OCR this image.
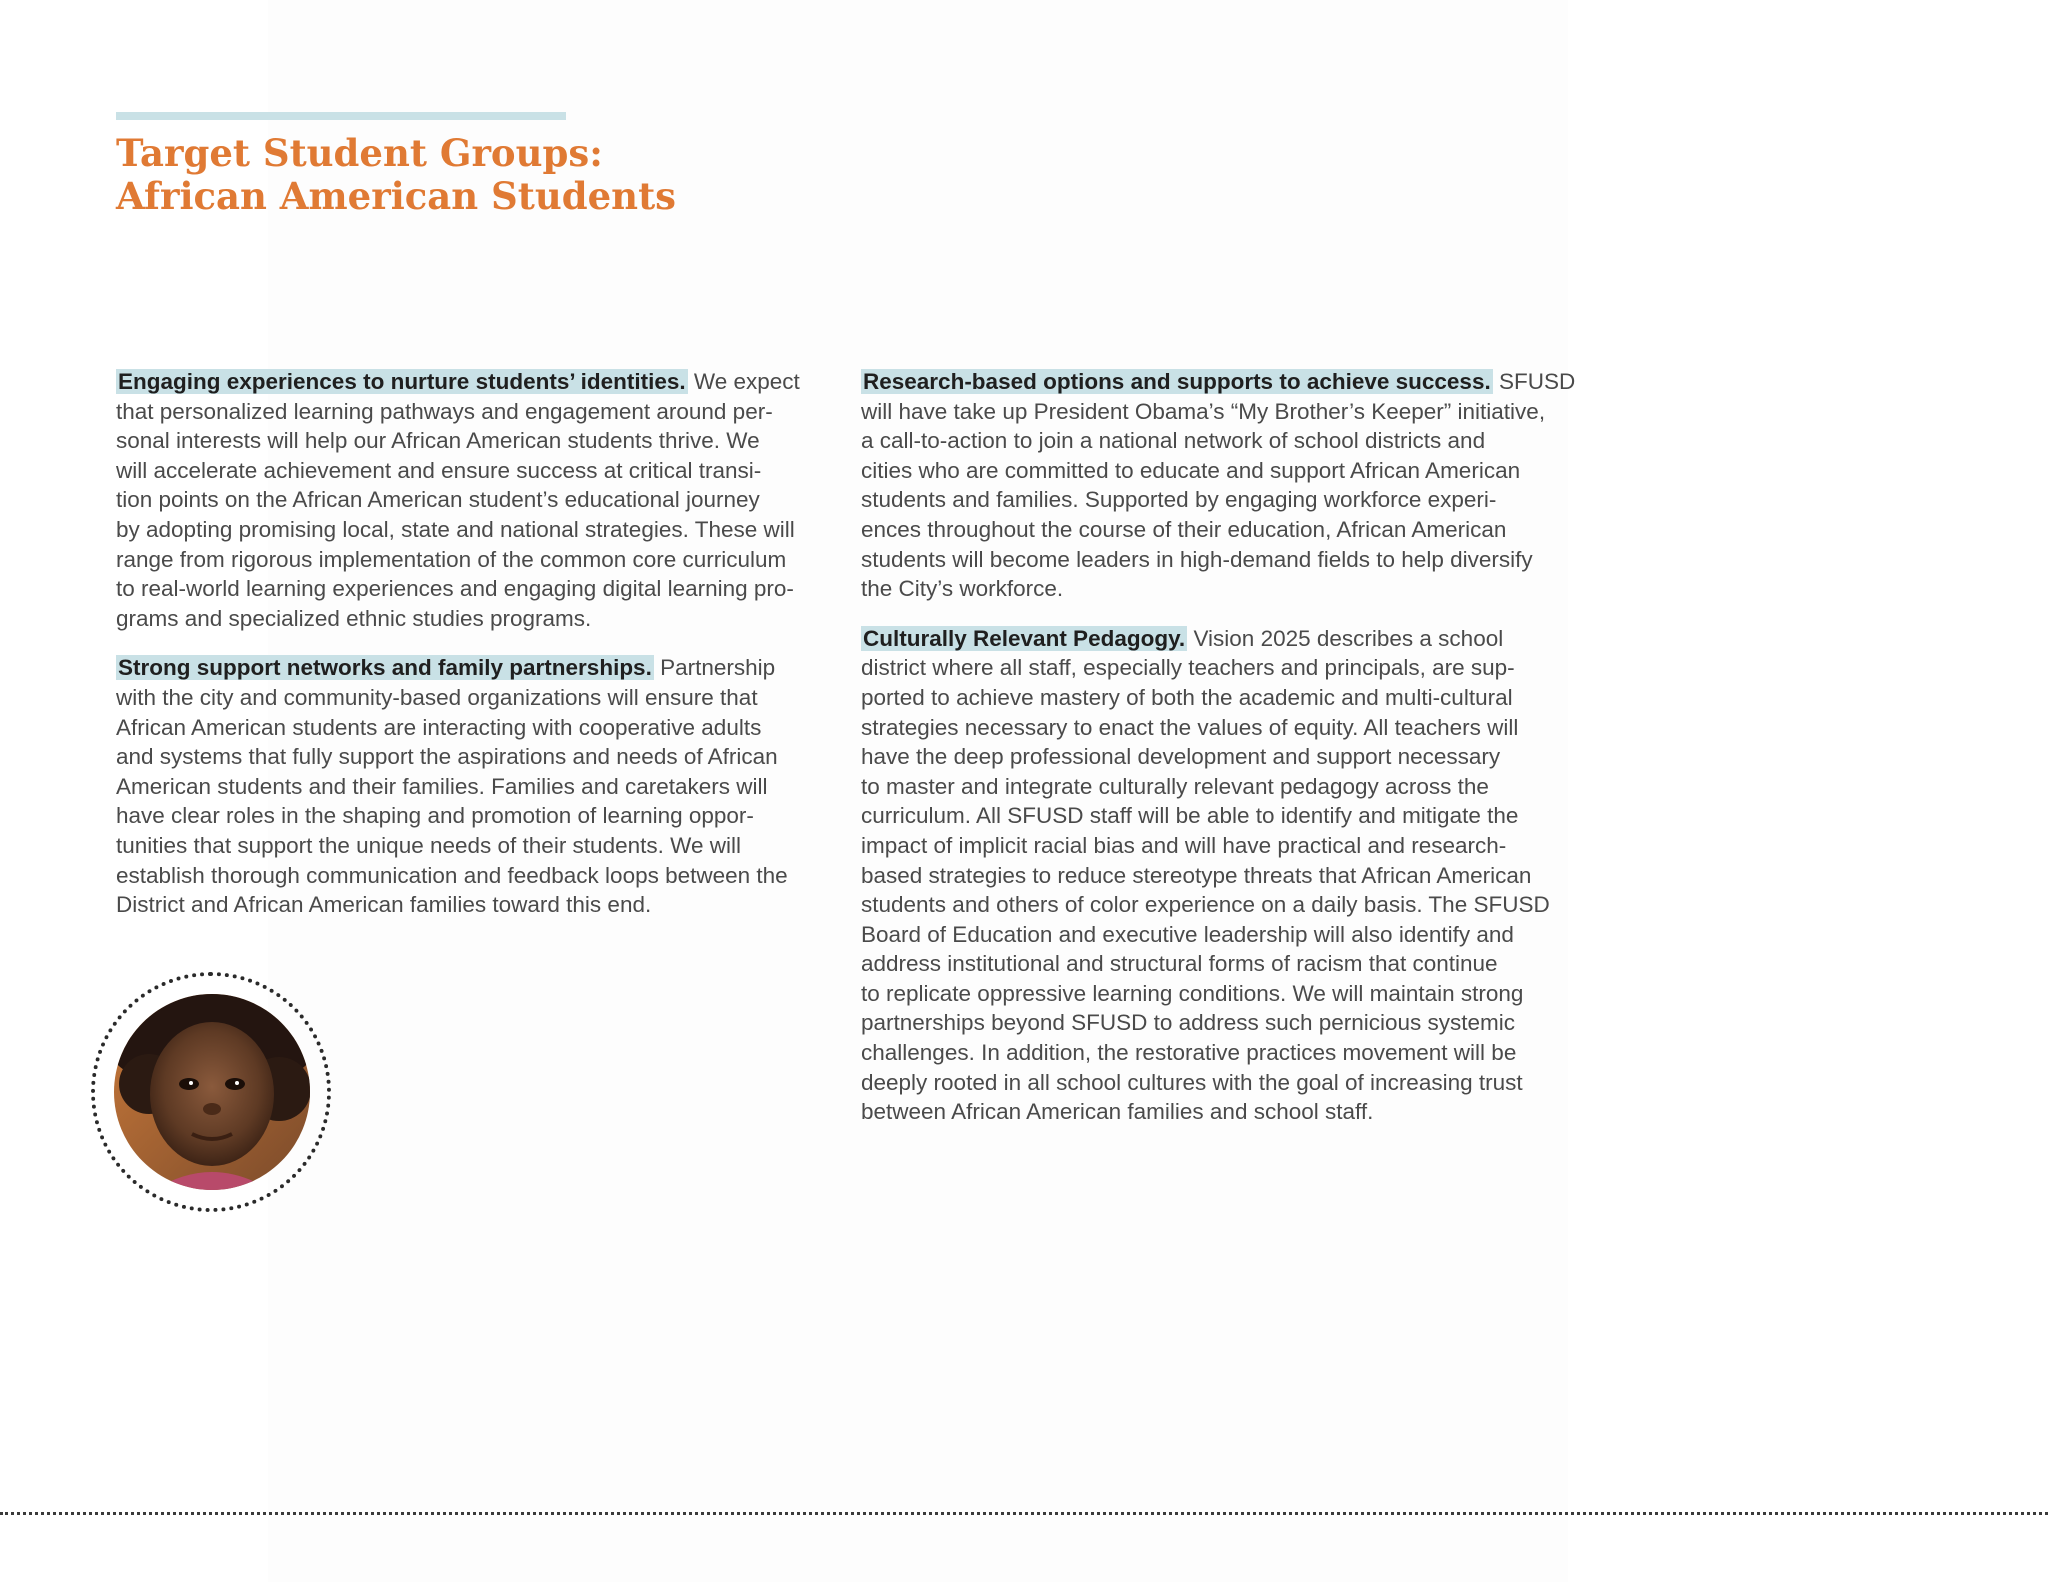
Target Student Groups:
African American Students

Engaging experiences to nurture students’ identities. We expect
that personalized learning pathways and engagement around per-
sonal interests will help our African American students thrive. We
will accelerate achievement and ensure success at critical transi-
tion points on the African American student’s educational journey
by adopting promising local, state and national strategies. These will
range from rigorous implementation of the common core curriculum
to real-world learning experiences and engaging digital learning pro-
grams and specialized ethnic studies programs.

Strong support networks and family partnerships. Partnership
with the city and community-based organizations will ensure that
African American students are interacting with cooperative adults
and systems that fully support the aspirations and needs of African
American students and their families. Families and caretakers will
have clear roles in the shaping and promotion of learning oppor-
tunities that support the unique needs of their students. We will
establish thorough communication and feedback loops between the
District and African American families toward this end.

Research-based options and supports to achieve success. SFUSD
will have take up President Obama’s “My Brother’s Keeper” initiative,
a call-to-action to join a national network of school districts and
cities who are committed to educate and support African American
students and families. Supported by engaging workforce experi-
ences throughout the course of their education, African American
students will become leaders in high-demand fields to help diversify
the City’s workforce.

Culturally Relevant Pedagogy. Vision 2025 describes a school
district where all staff, especially teachers and principals, are sup-
ported to achieve mastery of both the academic and multi-cultural
strategies necessary to enact the values of equity. All teachers will
have the deep professional development and support necessary
to master and integrate culturally relevant pedagogy across the
curriculum. All SFUSD staff will be able to identify and mitigate the
impact of implicit racial bias and will have practical and research-
based strategies to reduce stereotype threats that African American
students and others of color experience on a daily basis. The SFUSD
Board of Education and executive leadership will also identify and
address institutional and structural forms of racism that continue
to replicate oppressive learning conditions. We will maintain strong
partnerships beyond SFUSD to address such pernicious systemic
challenges. In addition, the restorative practices movement will be
deeply rooted in all school cultures with the goal of increasing trust
between African American families and school staff.
